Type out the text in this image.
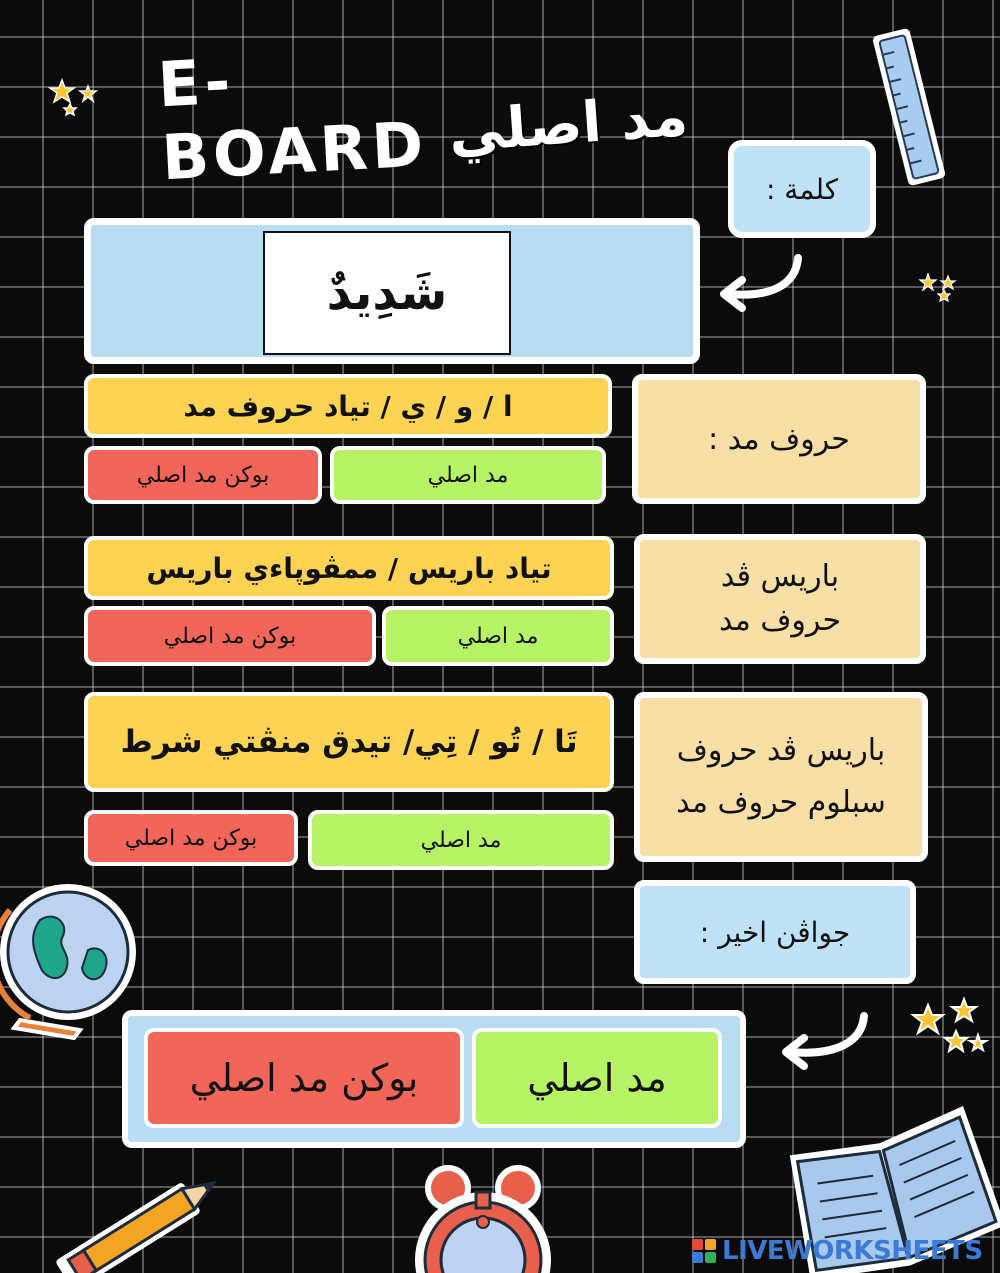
E-BOARD مد اصلي
كلمة :
شَدِيدٌ
حروف مد :
ا / و / ي / تياد حروف مد
مد اصلي
بوكن مد اصلي
باريس ڤد
حروف مد
تياد باريس / ممڤوپاءي باريس
مد اصلي
بوكن مد اصلي
باريس ڤد حروف
سبلوم حروف مد
تَا / تُو / تِي/ تيدق منڤتي شرط
مد اصلي
بوكن مد اصلي
جواڤن اخير :
مد اصلي
بوكن مد اصلي
LIVEWORKSHEETS
